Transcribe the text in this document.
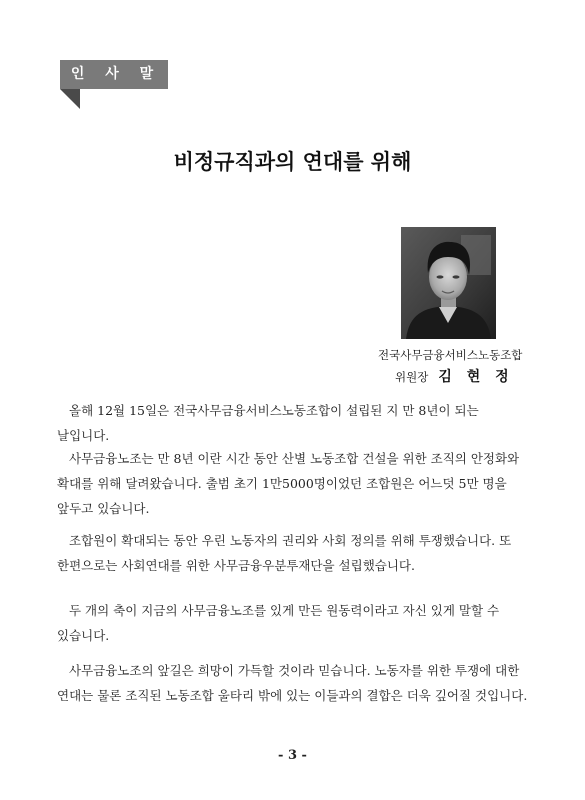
인 사 말
비정규직과의 연대를 위해
전국사무금융서비스노동조합
위원장 김 현 정

올해 12월 15일은 전국사무금융서비스노동조합이 설립된 지 만 8년이 되는 날입니다.

사무금융노조는 만 8년 이란 시간 동안 산별 노동조합 건설을 위한 조직의 안정화와 확대를 위해 달려왔습니다. 출범 초기 1만5000명이었던 조합원은 어느덧 5만 명을 앞두고 있습니다.

조합원이 확대되는 동안 우린 노동자의 권리와 사회 정의를 위해 투쟁했습니다. 또 한편으로는 사회연대를 위한 사무금융우분투재단을 설립했습니다.

두 개의 축이 지금의 사무금융노조를 있게 만든 원동력이라고 자신 있게 말할 수 있습니다.

사무금융노조의 앞길은 희망이 가득할 것이라 믿습니다. 노동자를 위한 투쟁에 대한 연대는 물론 조직된 노동조합 울타리 밖에 있는 이들과의 결합은 더욱 깊어질 것입니다.

- 3 -
